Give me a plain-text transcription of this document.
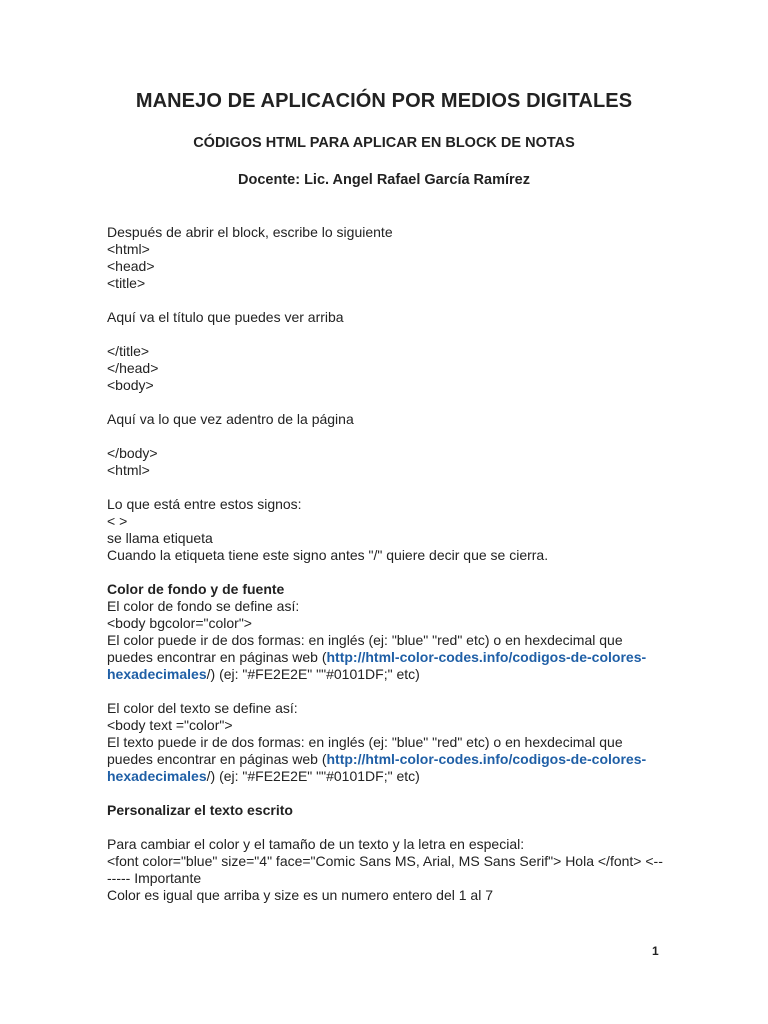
MANEJO DE APLICACIÓN POR MEDIOS DIGITALES
CÓDIGOS HTML PARA APLICAR EN BLOCK DE NOTAS
Docente: Lic. Angel Rafael García Ramírez
Después de abrir el block, escribe lo siguiente
<html>
<head>
<title>
Aquí va el título que puedes ver arriba
</title>
</head>
<body>
Aquí va lo que vez adentro de la página
</body>
<html>
Lo que está entre estos signos:
< >
se llama etiqueta
Cuando la etiqueta tiene este signo antes "/" quiere decir que se cierra.
Color de fondo y de fuente
El color de fondo se define así:
<body bgcolor="color">
El color puede ir de dos formas: en inglés (ej: "blue" "red" etc) o en hexdecimal que
puedes encontrar en páginas web (http://html-color-codes.info/codigos-de-colores-
hexadecimales/) (ej: "#FE2E2E" ""#0101DF;" etc)
El color del texto se define así:
<body text ="color">
El texto puede ir de dos formas: en inglés (ej: "blue" "red" etc) o en hexdecimal que
puedes encontrar en páginas web (http://html-color-codes.info/codigos-de-colores-
hexadecimales/) (ej: "#FE2E2E" ""#0101DF;" etc)
Personalizar el texto escrito
Para cambiar el color y el tamaño de un texto y la letra en especial:
<font color="blue" size="4" face="Comic Sans MS, Arial, MS Sans Serif"> Hola </font> <--
----- Importante
Color es igual que arriba y size es un numero entero del 1 al 7
1
